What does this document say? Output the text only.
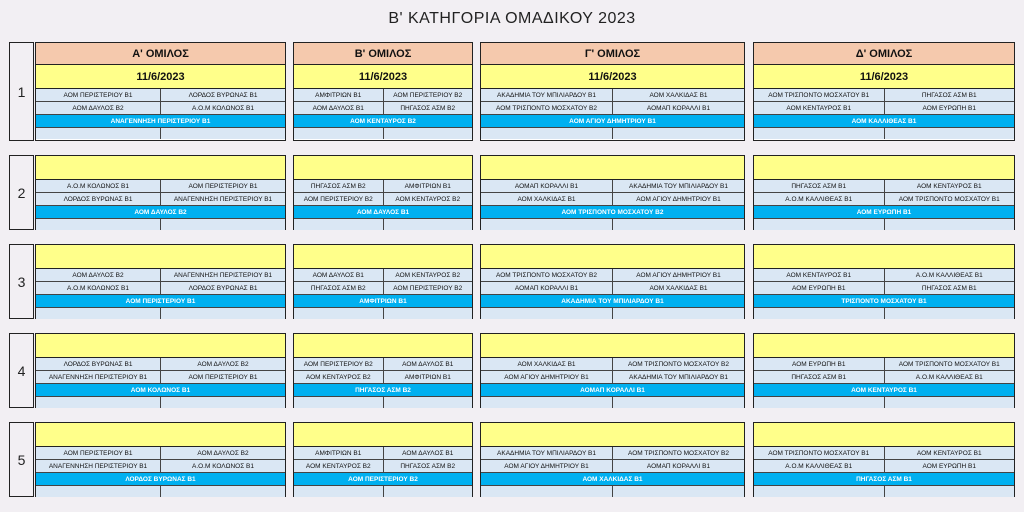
Β' ΚΑΤΗΓΟΡΙΑ ΟΜΑΔΙΚΟΥ 2023
1
Α' ΟΜΙΛΟΣ
11/6/2023
ΑΟΜ ΠΕΡΙΣΤΕΡΙΟΥ Β1	ΛΟΡΔΟΣ ΒΥΡΩΝΑΣ Β1
ΑΟΜ ΔΑΥΛΟΣ Β2	Α.Ο.Μ ΚΟΛΩΝΟΣ Β1
ΑΝΑΓΕΝΝΗΣΗ ΠΕΡΙΣΤΕΡΙΟΥ Β1
Β' ΟΜΙΛΟΣ
11/6/2023
ΑΜΦΙΤΡΙΩΝ Β1	ΑΟΜ ΠΕΡΙΣΤΕΡΙΟΥ Β2
ΑΟΜ ΔΑΥΛΟΣ Β1	ΠΗΓΑΣΟΣ ΑΣΜ Β2
ΑΟΜ ΚΕΝΤΑΥΡΟΣ Β2
Γ' ΟΜΙΛΟΣ
11/6/2023
ΑΚΑΔΗΜΙΑ ΤΟΥ ΜΠΙΛΙΑΡΔΟΥ Β1	ΑΟΜ ΧΑΛΚΙΔΑΣ Β1
ΑΟΜ ΤΡΙΣΠΟΝΤΟ ΜΟΣΧΑΤΟΥ Β2	ΑΟΜΑΠ ΚΟΡΑΛΛΙ Β1
ΑΟΜ ΑΓΙΟΥ ΔΗΜΗΤΡΙΟΥ Β1
Δ' ΟΜΙΛΟΣ
11/6/2023
ΑΟΜ ΤΡΙΣΠΟΝΤΟ ΜΟΣΧΑΤΟΥ Β1	ΠΗΓΑΣΟΣ ΑΣΜ Β1
ΑΟΜ ΚΕΝΤΑΥΡΟΣ Β1	ΑΟΜ ΕΥΡΩΠΗ Β1
ΑΟΜ ΚΑΛΛΙΘΕΑΣ Β1
2	Α.Ο.Μ ΚΟΛΩΝΟΣ Β1	ΑΟΜ ΠΕΡΙΣΤΕΡΙΟΥ Β1
ΛΟΡΔΟΣ ΒΥΡΩΝΑΣ Β1	ΑΝΑΓΕΝΝΗΣΗ ΠΕΡΙΣΤΕΡΙΟΥ Β1
ΑΟΜ ΔΑΥΛΟΣ Β2
ΠΗΓΑΣΟΣ ΑΣΜ Β2	ΑΜΦΙΤΡΙΩΝ Β1
ΑΟΜ ΠΕΡΙΣΤΕΡΙΟΥ Β2	ΑΟΜ ΚΕΝΤΑΥΡΟΣ Β2
ΑΟΜ ΔΑΥΛΟΣ Β1
ΑΟΜΑΠ ΚΟΡΑΛΛΙ Β1	ΑΚΑΔΗΜΙΑ ΤΟΥ ΜΠΙΛΙΑΡΔΟΥ Β1
ΑΟΜ ΧΑΛΚΙΔΑΣ Β1	ΑΟΜ ΑΓΙΟΥ ΔΗΜΗΤΡΙΟΥ Β1
ΑΟΜ ΤΡΙΣΠΟΝΤΟ ΜΟΣΧΑΤΟΥ Β2
ΠΗΓΑΣΟΣ ΑΣΜ Β1	ΑΟΜ ΚΕΝΤΑΥΡΟΣ Β1
Α.Ο.Μ ΚΑΛΛΙΘΕΑΣ Β1	ΑΟΜ ΤΡΙΣΠΟΝΤΟ ΜΟΣΧΑΤΟΥ Β1
ΑΟΜ ΕΥΡΩΠΗ Β1
3	ΑΟΜ ΔΑΥΛΟΣ Β2	ΑΝΑΓΕΝΝΗΣΗ ΠΕΡΙΣΤΕΡΙΟΥ Β1
Α.Ο.Μ ΚΟΛΩΝΟΣ Β1	ΛΟΡΔΟΣ ΒΥΡΩΝΑΣ Β1
ΑΟΜ ΠΕΡΙΣΤΕΡΙΟΥ Β1
ΑΟΜ ΔΑΥΛΟΣ Β1	ΑΟΜ ΚΕΝΤΑΥΡΟΣ Β2
ΠΗΓΑΣΟΣ ΑΣΜ Β2	ΑΟΜ ΠΕΡΙΣΤΕΡΙΟΥ Β2
ΑΜΦΙΤΡΙΩΝ Β1
ΑΟΜ ΤΡΙΣΠΟΝΤΟ ΜΟΣΧΑΤΟΥ Β2	ΑΟΜ ΑΓΙΟΥ ΔΗΜΗΤΡΙΟΥ Β1
ΑΟΜΑΠ ΚΟΡΑΛΛΙ Β1	ΑΟΜ ΧΑΛΚΙΔΑΣ Β1
ΑΚΑΔΗΜΙΑ ΤΟΥ ΜΠΙΛΙΑΡΔΟΥ Β1
ΑΟΜ ΚΕΝΤΑΥΡΟΣ Β1	Α.Ο.Μ ΚΑΛΛΙΘΕΑΣ Β1
ΑΟΜ ΕΥΡΩΠΗ Β1	ΠΗΓΑΣΟΣ ΑΣΜ Β1
ΤΡΙΣΠΟΝΤΟ ΜΟΣΧΑΤΟΥ Β1
4	ΛΟΡΔΟΣ ΒΥΡΩΝΑΣ Β1	ΑΟΜ ΔΑΥΛΟΣ Β2
ΑΝΑΓΕΝΝΗΣΗ ΠΕΡΙΣΤΕΡΙΟΥ Β1	ΑΟΜ ΠΕΡΙΣΤΕΡΙΟΥ Β1
ΑΟΜ ΚΟΛΩΝΟΣ Β1
ΑΟΜ ΠΕΡΙΣΤΕΡΙΟΥ Β2	ΑΟΜ ΔΑΥΛΟΣ Β1
ΑΟΜ ΚΕΝΤΑΥΡΟΣ Β2	ΑΜΦΙΤΡΙΩΝ Β1
ΠΗΓΑΣΟΣ ΑΣΜ Β2
ΑΟΜ ΧΑΛΚΙΔΑΣ Β1	ΑΟΜ ΤΡΙΣΠΟΝΤΟ ΜΟΣΧΑΤΟΥ Β2
ΑΟΜ ΑΓΙΟΥ ΔΗΜΗΤΡΙΟΥ Β1	ΑΚΑΔΗΜΙΑ ΤΟΥ ΜΠΙΛΙΑΡΔΟΥ Β1
ΑΟΜΑΠ ΚΟΡΑΛΛΙ Β1
ΑΟΜ ΕΥΡΩΠΗ Β1	ΑΟΜ ΤΡΙΣΠΟΝΤΟ ΜΟΣΧΑΤΟΥ Β1
ΠΗΓΑΣΟΣ ΑΣΜ Β1	Α.Ο.Μ ΚΑΛΛΙΘΕΑΣ Β1
ΑΟΜ ΚΕΝΤΑΥΡΟΣ Β1
5	ΑΟΜ ΠΕΡΙΣΤΕΡΙΟΥ Β1	ΑΟΜ ΔΑΥΛΟΣ Β2
ΑΝΑΓΕΝΝΗΣΗ ΠΕΡΙΣΤΕΡΙΟΥ Β1	Α.Ο.Μ ΚΟΛΩΝΟΣ Β1
ΛΟΡΔΟΣ ΒΥΡΩΝΑΣ Β1
ΑΜΦΙΤΡΙΩΝ Β1	ΑΟΜ ΔΑΥΛΟΣ Β1
ΑΟΜ ΚΕΝΤΑΥΡΟΣ Β2	ΠΗΓΑΣΟΣ ΑΣΜ Β2
ΑΟΜ ΠΕΡΙΣΤΕΡΙΟΥ Β2
ΑΚΑΔΗΜΙΑ ΤΟΥ ΜΠΙΛΙΑΡΔΟΥ Β1	ΑΟΜ ΤΡΙΣΠΟΝΤΟ ΜΟΣΧΑΤΟΥ Β2
ΑΟΜ ΑΓΙΟΥ ΔΗΜΗΤΡΙΟΥ Β1	ΑΟΜΑΠ ΚΟΡΑΛΛΙ Β1
ΑΟΜ ΧΑΛΚΙΔΑΣ Β1
ΑΟΜ ΤΡΙΣΠΟΝΤΟ ΜΟΣΧΑΤΟΥ Β1	ΑΟΜ ΚΕΝΤΑΥΡΟΣ Β1
Α.Ο.Μ ΚΑΛΛΙΘΕΑΣ Β1	ΑΟΜ ΕΥΡΩΠΗ Β1
ΠΗΓΑΣΟΣ ΑΣΜ Β1
